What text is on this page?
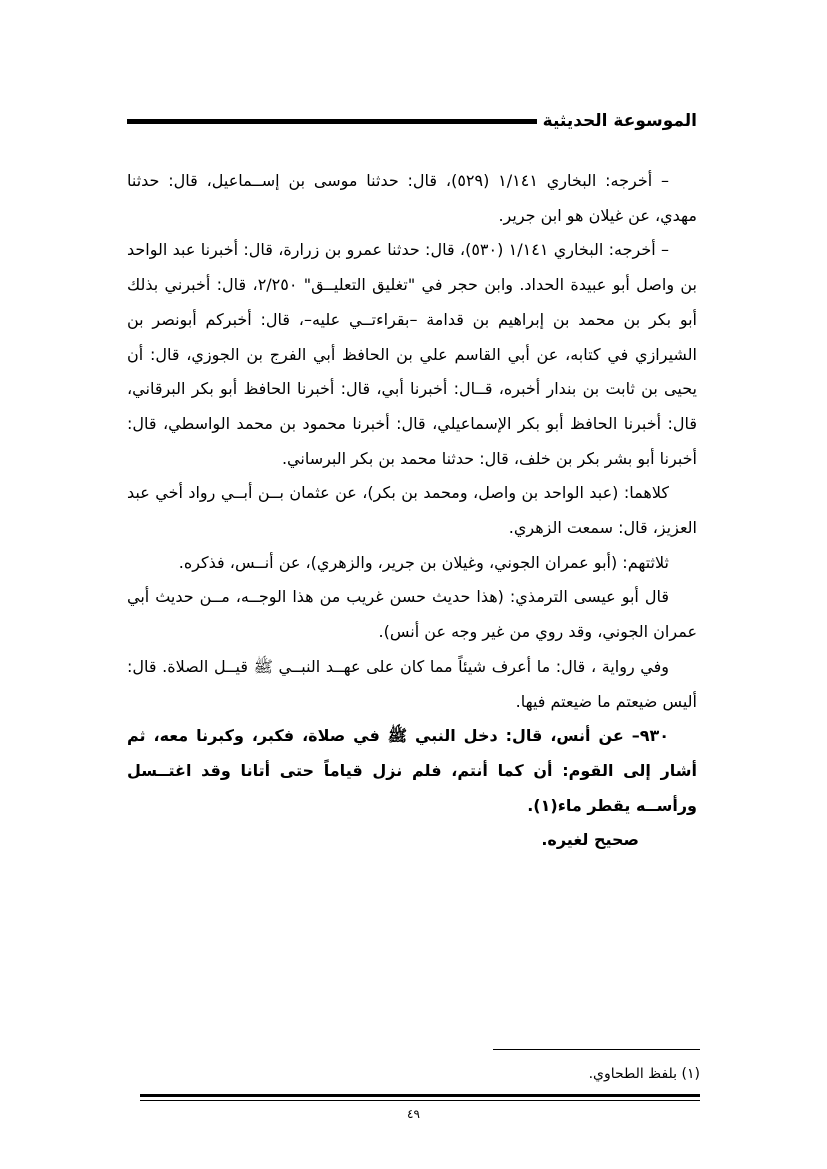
الموسوعة الحديثية

– أخرجه: البخاري ١/١٤١ (٥٢٩)، قال: حدثنا موسى بن إســماعيل، قال: حدثنا مهدي، عن غيلان هو ابن جرير.

– أخرجه: البخاري ١/١٤١ (٥٣٠)، قال: حدثنا عمرو بن زرارة، قال: أخبرنا عبد الواحد بن واصل أبو عبيدة الحداد. وابن حجر في "تغليق التعليــق" ٢/٢٥٠، قال: أخبرني بذلك أبو بكر بن محمد بن إبراهيم بن قدامة –بقراءتــي عليه–، قال: أخبركم أبونصر بن الشيرازي في كتابه، عن أبي القاسم علي بن الحافظ أبي الفرج بن الجوزي، قال: أن يحيى بن ثابت بن بندار أخبره، قــال: أخبرنا أبي، قال: أخبرنا الحافظ أبو بكر البرقاني، قال: أخبرنا الحافظ أبو بكر الإسماعيلي، قال: أخبرنا محمود بن محمد الواسطي، قال: أخبرنا أبو بشر بكر بن خلف، قال: حدثنا محمد بن بكر البرساني.

كلاهما: (عبد الواحد بن واصل، ومحمد بن بكر)، عن عثمان بــن أبــي رواد أخي عبد العزيز، قال: سمعت الزهري.

ثلاثتهم: (أبو عمران الجوني، وغيلان بن جرير، والزهري)، عن أنــس، فذكره.

قال أبو عيسى الترمذي: (هذا حديث حسن غريب من هذا الوجــه، مــن حديث أبي عمران الجوني، وقد روي من غير وجه عن أنس).

وفي رواية ، قال: ما أعرف شيئاً مما كان على عهــد النبــي ﷺ قيــل الصلاة. قال: أليس ضيعتم ما ضيعتم فيها.

٩٣٠– عن أنس، قال: دخل النبي ﷺ في صلاة، فكبر، وكبرنا معه، ثم أشار إلى القوم: أن كما أنتم، فلم نزل قياماً حتى أتانا وقد اغتــسل ورأســه يقطر ماء(١).

صحيح لغيره.

(١) بلفظ الطحاوي.
٤٩
